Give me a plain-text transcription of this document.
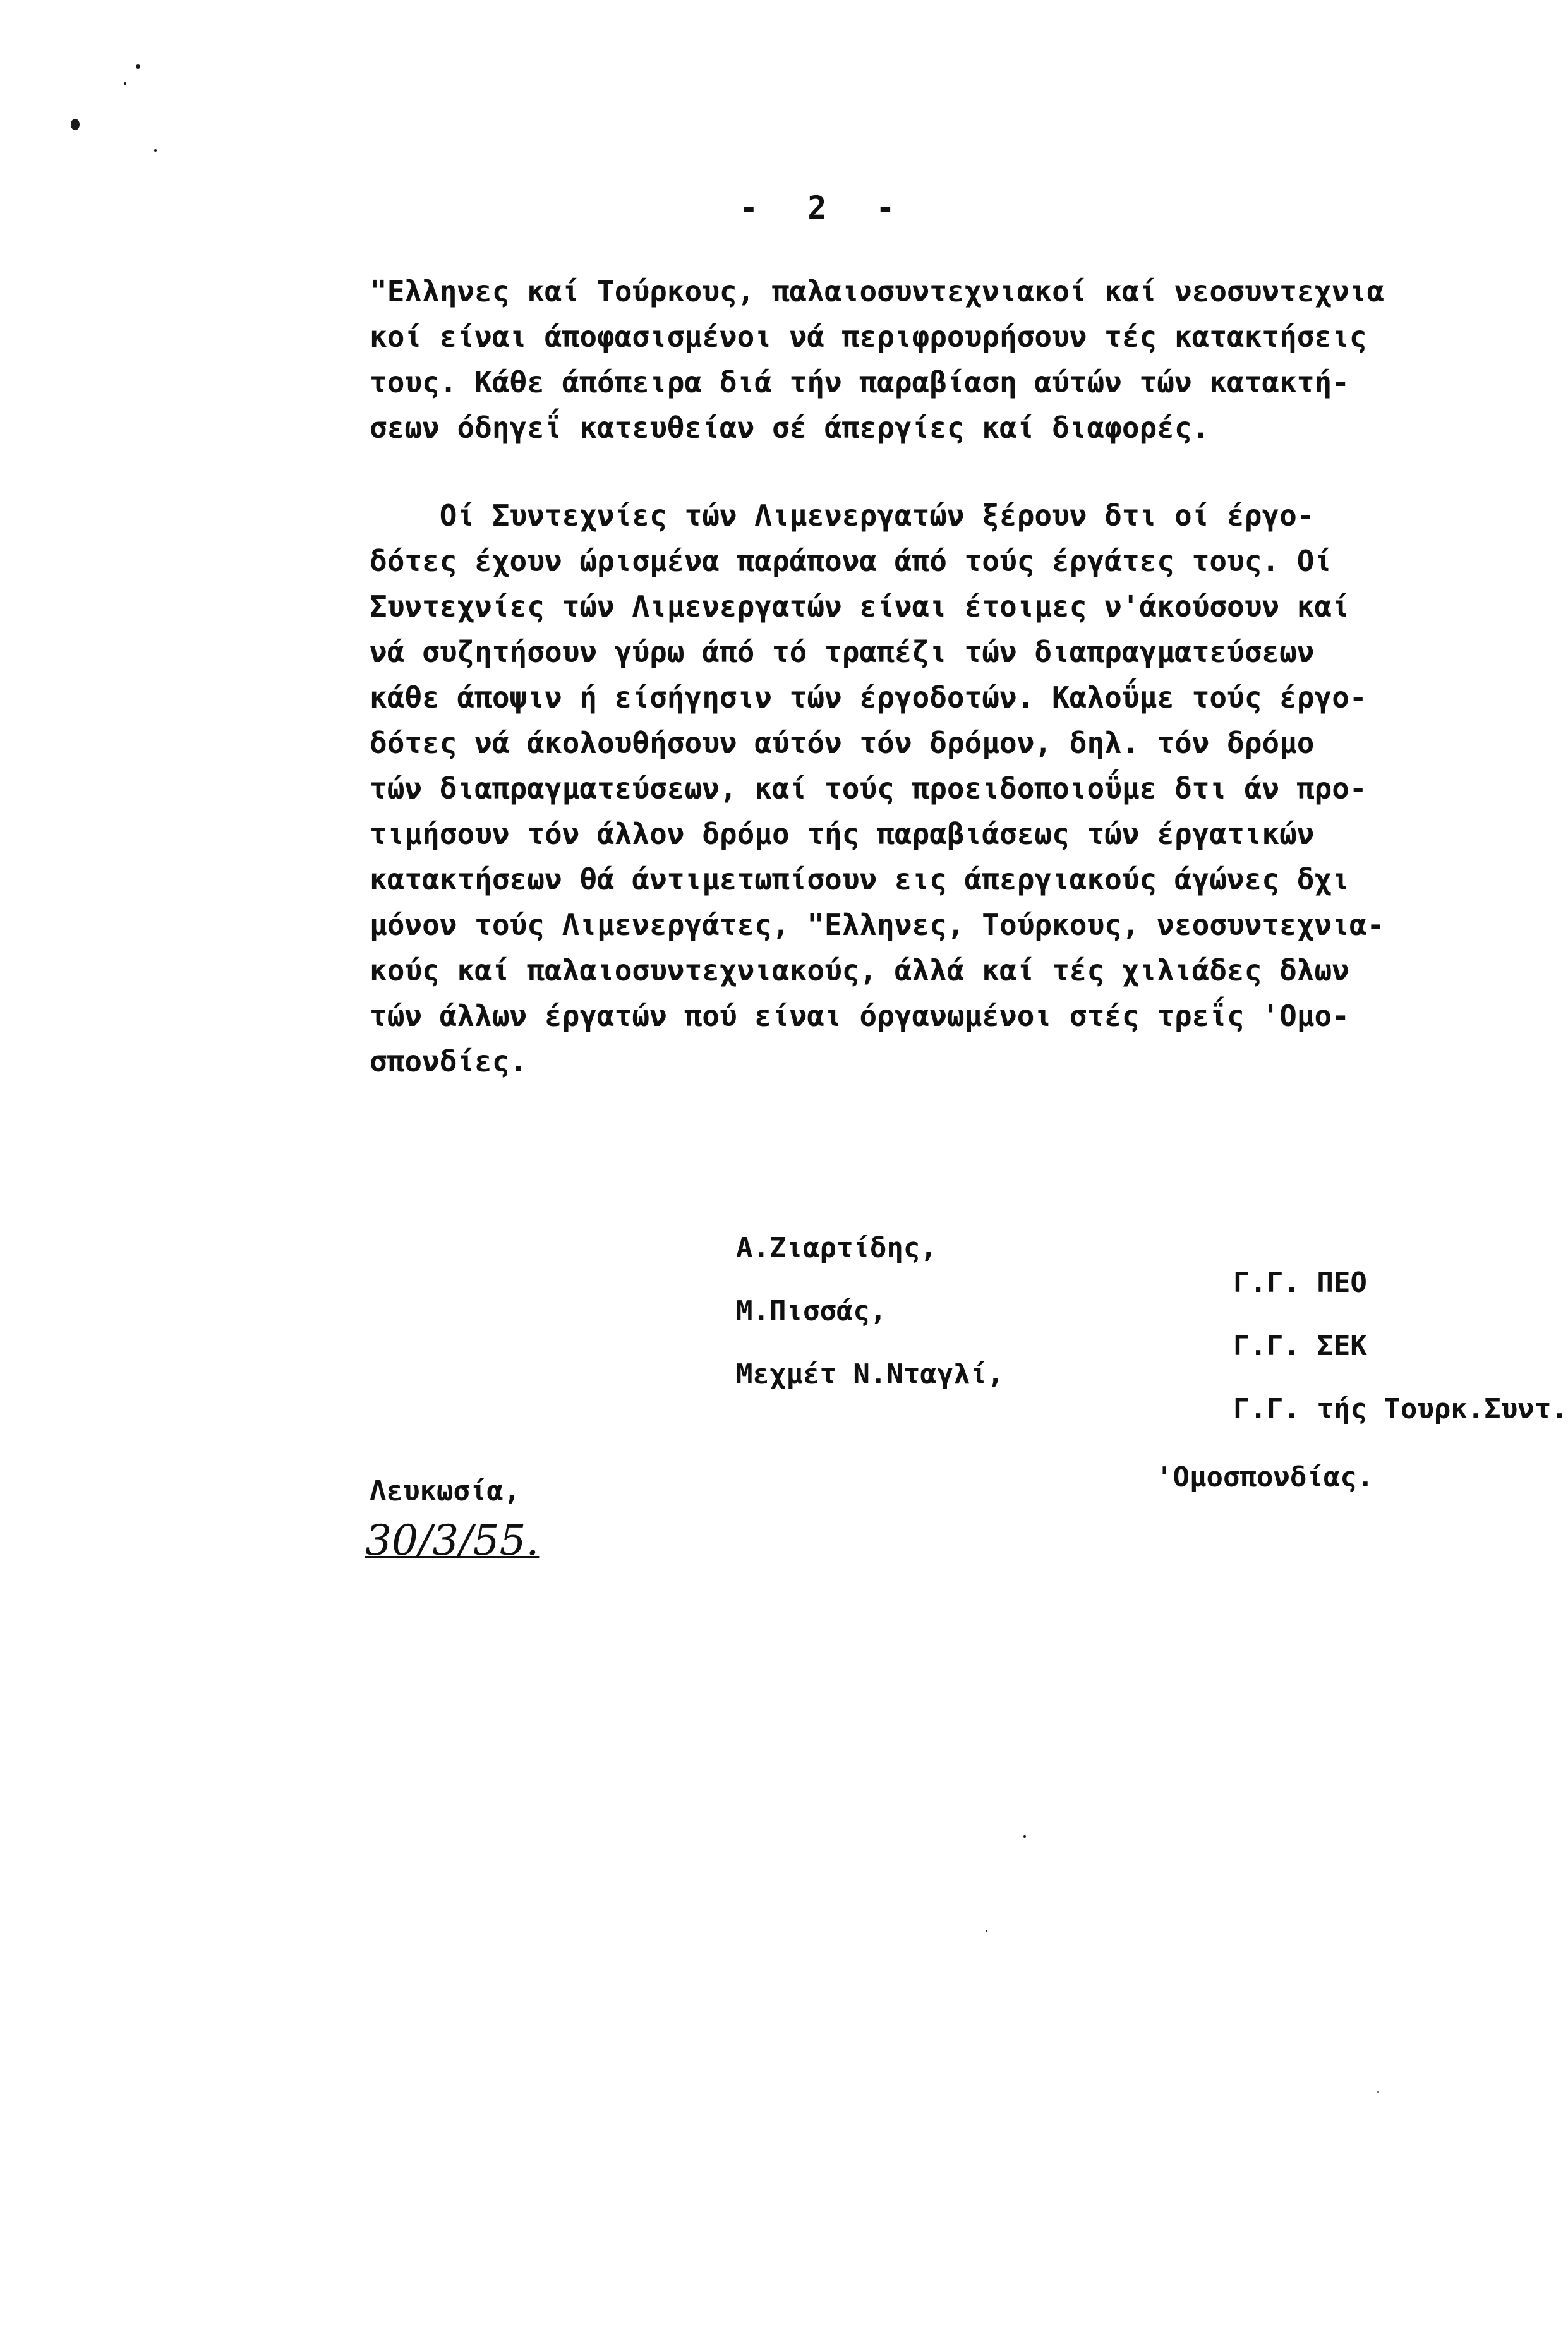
- 2 -

"Ελληνες καί Τούρκους, παλαιοσυντεχνιακοί καί νεοσυντεχνια
κοί είναι άποφασισμένοι νά περιφρουρήσουν τές κατακτήσεις
τους. Κάθε άπόπειρα διά τήν παραβίαση αύτών τών κατακτή-
σεων όδηγεΐ κατευθείαν σέ άπεργίες καί διαφορές.

Οί Συντεχνίες τών Λιμενεργατών ξέρουν δτι οί έργο-
δότες έχουν ώρισμένα παράπονα άπό τούς έργάτες τους. Οί
Συντεχνίες τών Λιμενεργατών είναι έτοιμες ν'άκούσουν καί
νά συζητήσουν γύρω άπό τό τραπέζι τών διαπραγματεύσεων
κάθε άποψιν ή είσήγησιν τών έργοδοτών. Καλοΰμε τούς έργο-
δότες νά άκολουθήσουν αύτόν τόν δρόμον, δηλ. τόν δρόμο
τών διαπραγματεύσεων, καί τούς προειδοποιοΰμε δτι άν προ-
τιμήσουν τόν άλλον δρόμο τής παραβιάσεως τών έργατικών
κατακτήσεων θά άντιμετωπίσουν εις άπεργιακούς άγώνες δχι
μόνον τούς Λιμενεργάτες, "Ελληνες, Τούρκους, νεοσυντεχνια-
κούς καί παλαιοσυντεχνιακούς, άλλά καί τές χιλιάδες δλων
τών άλλων έργατών πού είναι όργανωμένοι στές τρεΐς 'Ομο-
σπονδίες.

Α.Ζιαρτίδης,

Γ.Γ. ΠΕΟ

Μ.Πισσάς,

Γ.Γ. ΣΕΚ

Μεχμέτ Ν.Νταγλί,

Γ.Γ. τής Τουρκ.Συντ.

'Ομοσπονδίας.

Λευκωσία,
30/3/55.
